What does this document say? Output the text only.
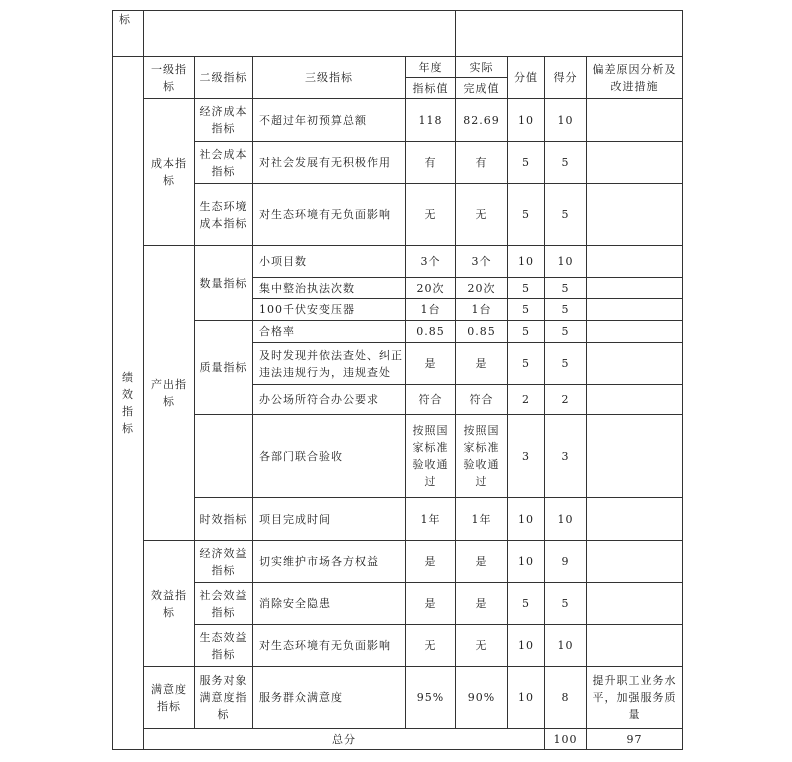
标									

绩效指标	一级指标	二级指标	三级指标	年度	实际	分值	得分	偏差原因分析及改进措施	
				指标值	完成值				
	成本指标	经济成本指标	不超过年初预算总额	118	82.69	10	10		
		社会成本指标	对社会发展有无积极作用	有	有	5	5		
		生态环境成本指标	对生态环境有无负面影响	无	无	5	5		
	产出指标	数量指标	小项目数	3个	3个	10	10		
			集中整治执法次数	20次	20次	5	5		
			100千伏安变压器	1台	1台	5	5		
		质量指标	合格率	0.85	0.85	5	5		
			及时发现并依法查处、纠正违法违规行为，违规查处	是	是	5	5		
			办公场所符合办公要求	符合	符合	2	2		
			各部门联合验收	按照国家标准验收通过	按照国家标准验收通过	3	3		
		时效指标	项目完成时间	1年	1年	10	10		
	效益指标	经济效益指标	切实维护市场各方权益	是	是	10	9		
		社会效益指标	消除安全隐患	是	是	5	5		
		生态效益指标	对生态环境有无负面影响	无	无	10	10		
	满意度指标	服务对象满意度指标	服务群众满意度	95%	90%	10	8	提升职工业务水平，加强服务质量	
	总分						100	97	
